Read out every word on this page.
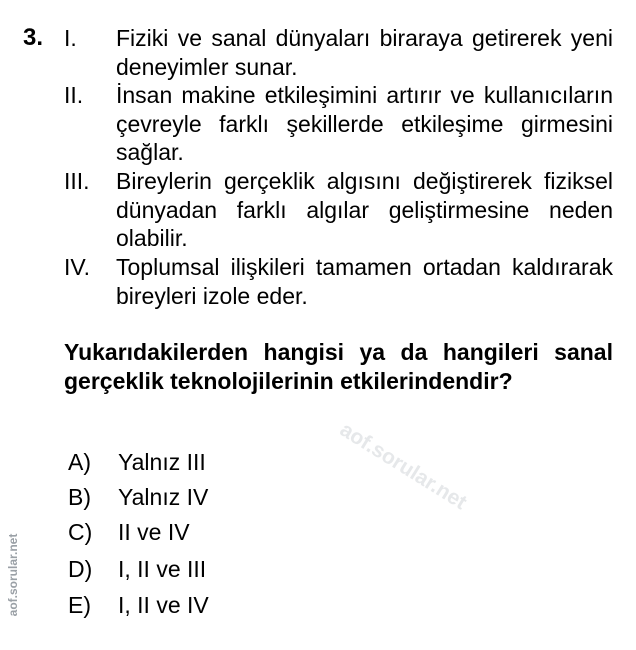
3. I. Fiziki ve sanal dünyaları biraraya getirerek yeni deneyimler sunar.
II. İnsan makine etkileşimini artırır ve kullanıcıların çevreyle farklı şekillerde etkileşime girmesini sağlar.
III. Bireylerin gerçeklik algısını değiştirerek fiziksel dünyadan farklı algılar geliştirmesine neden olabilir.
IV. Toplumsal ilişkileri tamamen ortadan kaldırarak bireyleri izole eder.
Yukarıdakilerden hangisi ya da hangileri sanal gerçeklik teknolojilerinin etkilerindendir?
A) Yalnız III
B) Yalnız IV
C) II ve IV
D) I, II ve III
E) I, II ve IV
aof.sorular.net
aof.sorular.net
